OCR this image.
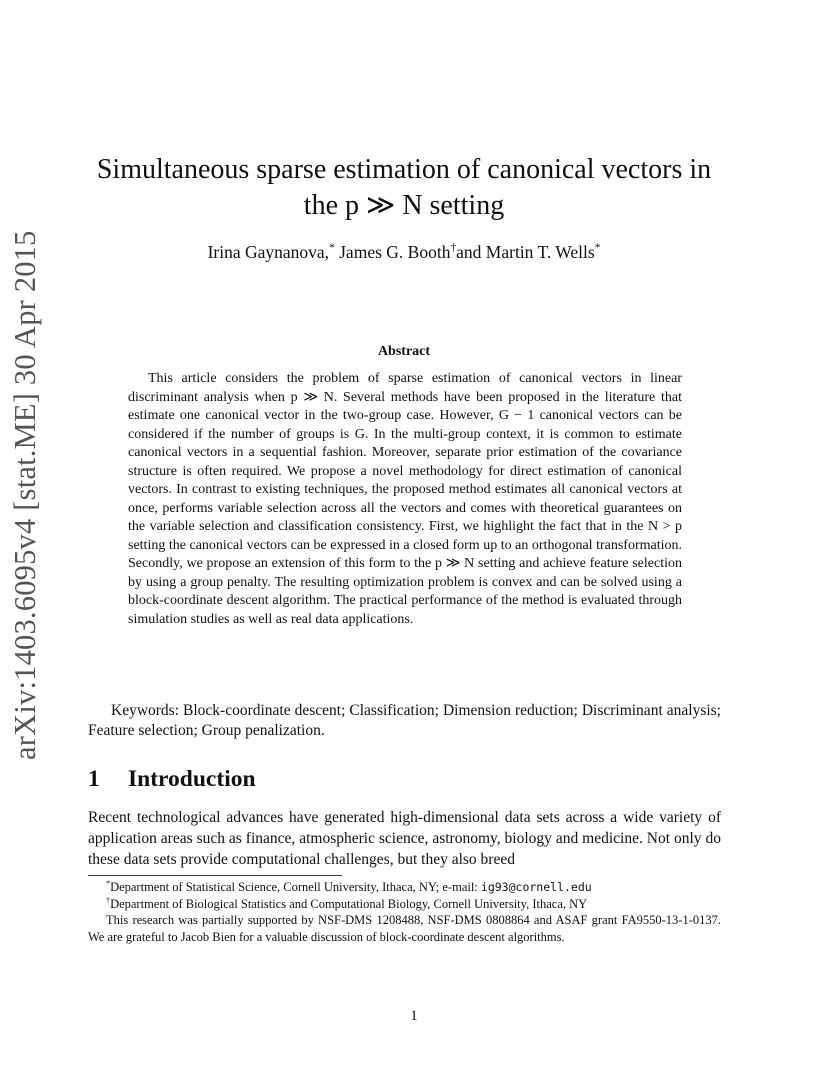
arXiv:1403.6095v4 [stat.ME] 30 Apr 2015
Simultaneous sparse estimation of canonical vectors in
the p ≫ N setting
Irina Gaynanova,* James G. Booth†and Martin T. Wells*
Abstract
This article considers the problem of sparse estimation of canonical vectors in linear discriminant analysis when p ≫ N. Several methods have been proposed in the literature that estimate one canonical vector in the two-group case. However, G − 1 canonical vectors can be considered if the number of groups is G. In the multi-group context, it is common to estimate canonical vectors in a sequential fashion. Moreover, separate prior estimation of the covariance structure is often required. We propose a novel methodology for direct estimation of canonical vectors. In contrast to existing techniques, the proposed method estimates all canonical vectors at once, performs variable selection across all the vectors and comes with theoretical guarantees on the variable selection and classification consistency. First, we highlight the fact that in the N > p setting the canonical vectors can be expressed in a closed form up to an orthogonal transformation. Secondly, we propose an extension of this form to the p ≫ N setting and achieve feature selection by using a group penalty. The resulting optimization problem is convex and can be solved using a block-coordinate descent algorithm. The practical performance of the method is evaluated through simulation studies as well as real data applications.
Keywords: Block-coordinate descent; Classification; Dimension reduction; Discriminant analysis; Feature selection; Group penalization.
1 Introduction
Recent technological advances have generated high-dimensional data sets across a wide variety of application areas such as finance, atmospheric science, astronomy, biology and medicine. Not only do these data sets provide computational challenges, but they also breed
*Department of Statistical Science, Cornell University, Ithaca, NY; e-mail: ig93@cornell.edu
†Department of Biological Statistics and Computational Biology, Cornell University, Ithaca, NY
This research was partially supported by NSF-DMS 1208488, NSF-DMS 0808864 and ASAF grant FA9550-13-1-0137. We are grateful to Jacob Bien for a valuable discussion of block-coordinate descent algorithms.
1
